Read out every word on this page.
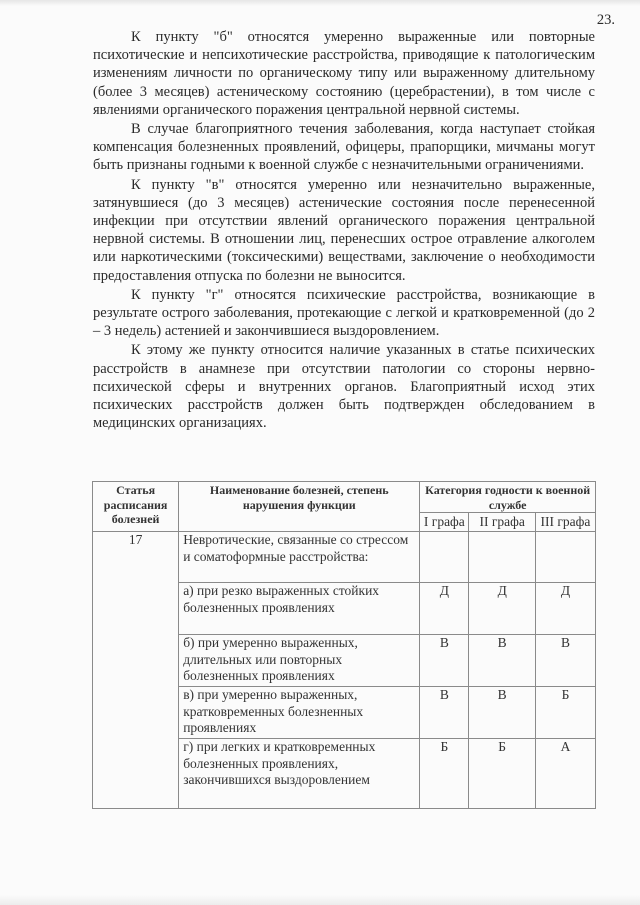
23.

К пункту "б" относятся умеренно выраженные или повторные психотические и непсихотические расстройства, приводящие к патологическим изменениям личности по органическому типу или выраженному длительному (более 3 месяцев) астеническому состоянию (церебрастении), в том числе с явлениями органического поражения центральной нервной системы.

В случае благоприятного течения заболевания, когда наступает стойкая компенсация болезненных проявлений, офицеры, прапорщики, мичманы могут быть признаны годными к военной службе с незначительными ограничениями.

К пункту "в" относятся умеренно или незначительно выраженные, затянувшиеся (до 3 месяцев) астенические состояния после перенесенной инфекции при отсутствии явлений органического поражения центральной нервной системы. В отношении лиц, перенесших острое отравление алкоголем или наркотическими (токсическими) веществами, заключение о необходимости предоставления отпуска по болезни не выносится.

К пункту "г" относятся психические расстройства, возникающие в результате острого заболевания, протекающие с легкой и кратковременной (до 2 – 3 недель) астенией и закончившиеся выздоровлением.

К этому же пункту относится наличие указанных в статье психических расстройств в анамнезе при отсутствии патологии со стороны нервно-психической сферы и внутренних органов. Благоприятный исход этих психических расстройств должен быть подтвержден обследованием в медицинских организациях.

Статья расписания болезней	Наименование болезней, степень нарушения функции	Категория годности к военной службе		
		I графа	II графа	III графа
17	Невротические, связанные со стрессом и соматоформные расстройства:			
	а) при резко выраженных стойких болезненных проявлениях	Д	Д	Д
	б) при умеренно выраженных, длительных или повторных болезненных проявлениях	В	В	В
	в) при умеренно выраженных, кратковременных болезненных проявлениях	В	В	Б
	г) при легких и кратковременных болезненных проявлениях, закончившихся выздоровлением	Б	Б	А
